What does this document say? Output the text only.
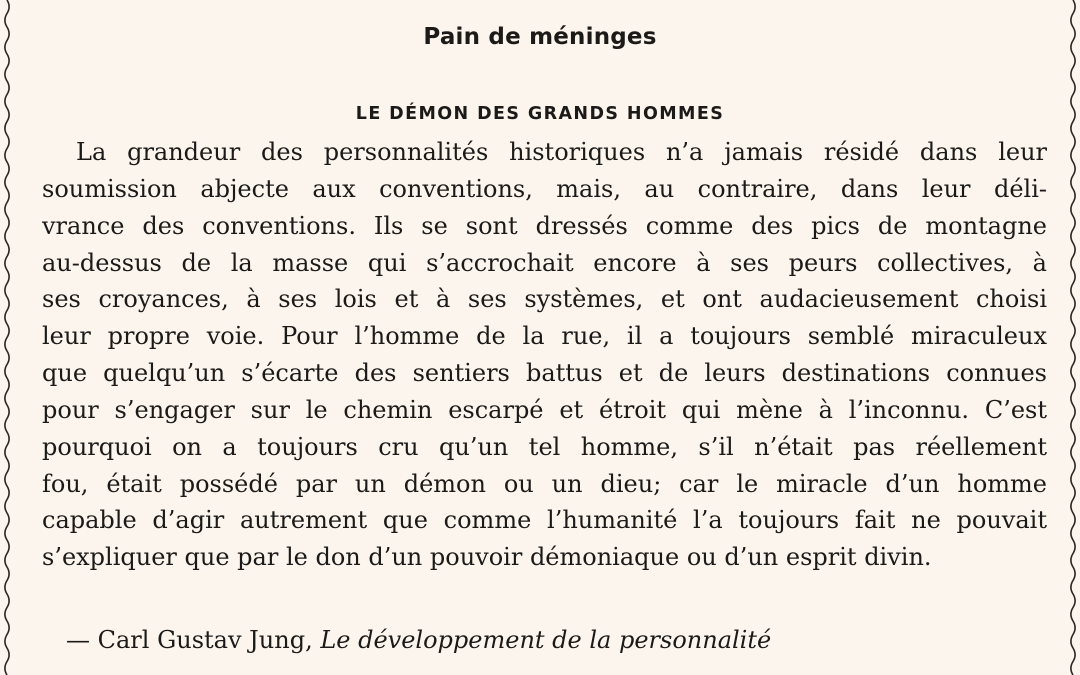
Pain de méninges
LE DÉMON DES GRANDS HOMMES
La grandeur des personnalités historiques n’a jamais résidé dans leur
soumission abjecte aux conventions, mais, au contraire, dans leur déli-
vrance des conventions. Ils se sont dressés comme des pics de montagne
au-dessus de la masse qui s’accrochait encore à ses peurs collectives, à
ses croyances, à ses lois et à ses systèmes, et ont audacieusement choisi
leur propre voie. Pour l’homme de la rue, il a toujours semblé miraculeux
que quelqu’un s’écarte des sentiers battus et de leurs destinations connues
pour s’engager sur le chemin escarpé et étroit qui mène à l’inconnu. C’est
pourquoi on a toujours cru qu’un tel homme, s’il n’était pas réellement
fou, était possédé par un démon ou un dieu; car le miracle d’un homme
capable d’agir autrement que comme l’humanité l’a toujours fait ne pouvait
s’expliquer que par le don d’un pouvoir démoniaque ou d’un esprit divin.
— Carl Gustav Jung, Le développement de la personnalité
